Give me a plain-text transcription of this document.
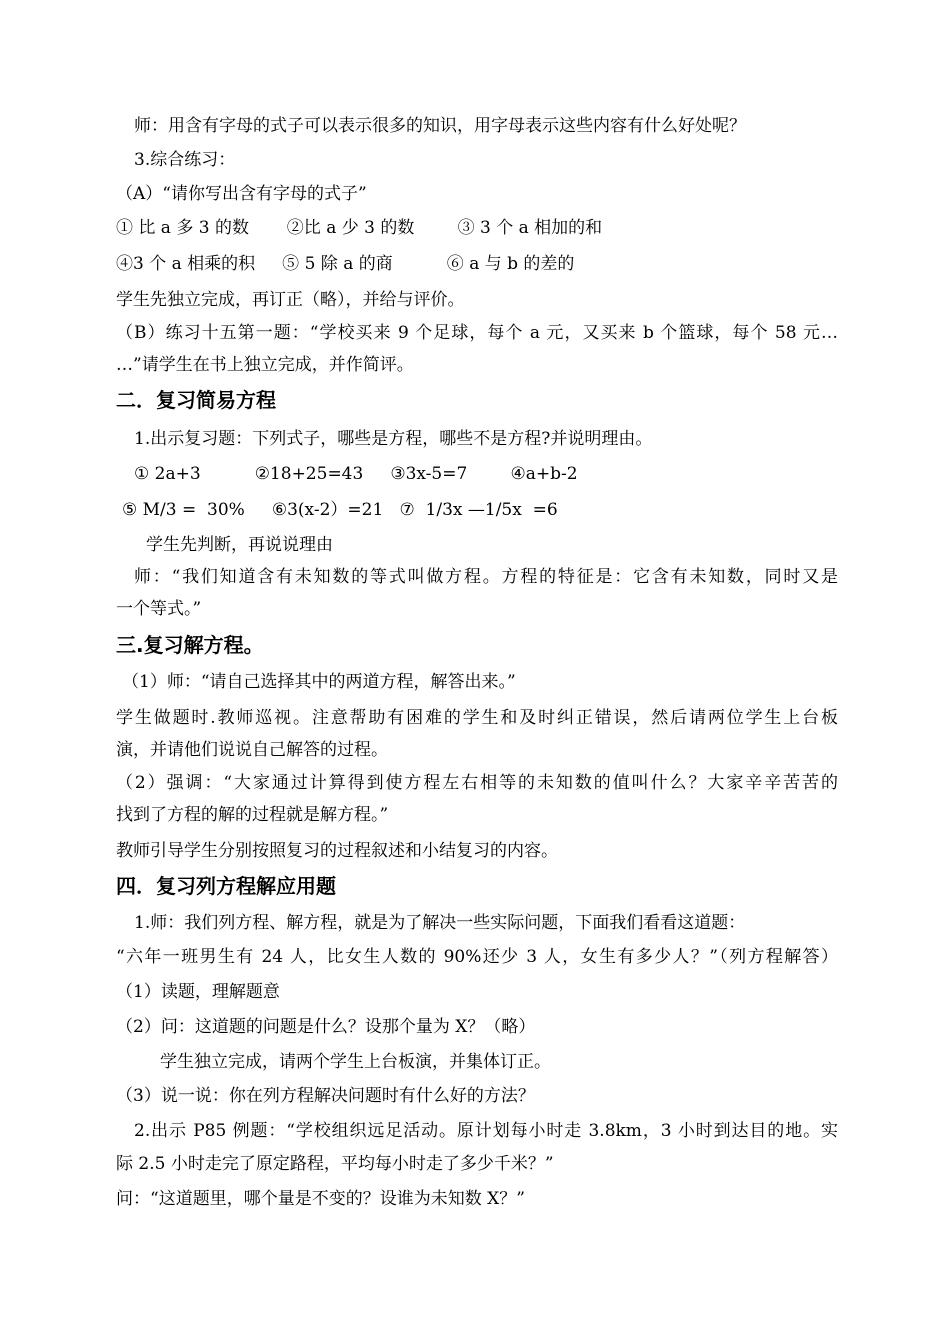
师：用含有字母的式子可以表示很多的知识，用字母表示这些内容有什么好处呢？
3.综合练习：
（A）“请你写出含有字母的式子”
① 比 a 多 3 的数       ②比 a 少 3 的数        ③ 3 个 a 相加的和
④3 个 a 相乘的积     ⑤ 5 除 a 的商          ⑥ a 与 b 的差的
学生先独立完成，再订正（略），并给与评价。
（B）练习十五第一题：“学校买来 9 个足球，每个 a 元，又买来 b 个篮球，每个 58 元…
…”请学生在书上独立完成，并作简评。
二．复习简易方程
1.出示复习题：下列式子，哪些是方程，哪些不是方程?并说明理由。
① 2a+3          ②18+25=43     ③3x-5=7        ④a+b-2
⑤ M/3 =  30%     ⑥3(x-2）=21   ⑦  1/3x —1/5x  =6
学生先判断，再说说理由
师：“我们知道含有未知数的等式叫做方程。方程的特征是：它含有未知数，同时又是
一个等式。”
三.复习解方程。
（1）师：“请自己选择其中的两道方程，解答出来。”
学生做题时.教师巡视。注意帮助有困难的学生和及时纠正错误，然后请两位学生上台板
演，并请他们说说自己解答的过程。
（2）强调：“大家通过计算得到使方程左右相等的未知数的值叫什么？大家辛辛苦苦的
找到了方程的解的过程就是解方程。”
教师引导学生分别按照复习的过程叙述和小结复习的内容。
四．复习列方程解应用题
1.师：我们列方程、解方程，就是为了解决一些实际问题，下面我们看看这道题：
“六年一班男生有 24 人，比女生人数的 90%还少 3 人，女生有多少人？”（列方程解答）
（1）读题，理解题意
（2）问：这道题的问题是什么？设那个量为 X？（略）
学生独立完成，请两个学生上台板演，并集体订正。
（3）说一说：你在列方程解决问题时有什么好的方法？
2.出示 P85 例题：“学校组织远足活动。原计划每小时走 3.8km，3 小时到达目的地。实
际 2.5 小时走完了原定路程，平均每小时走了多少千米？”
问：“这道题里，哪个量是不变的？设谁为未知数 X？”
